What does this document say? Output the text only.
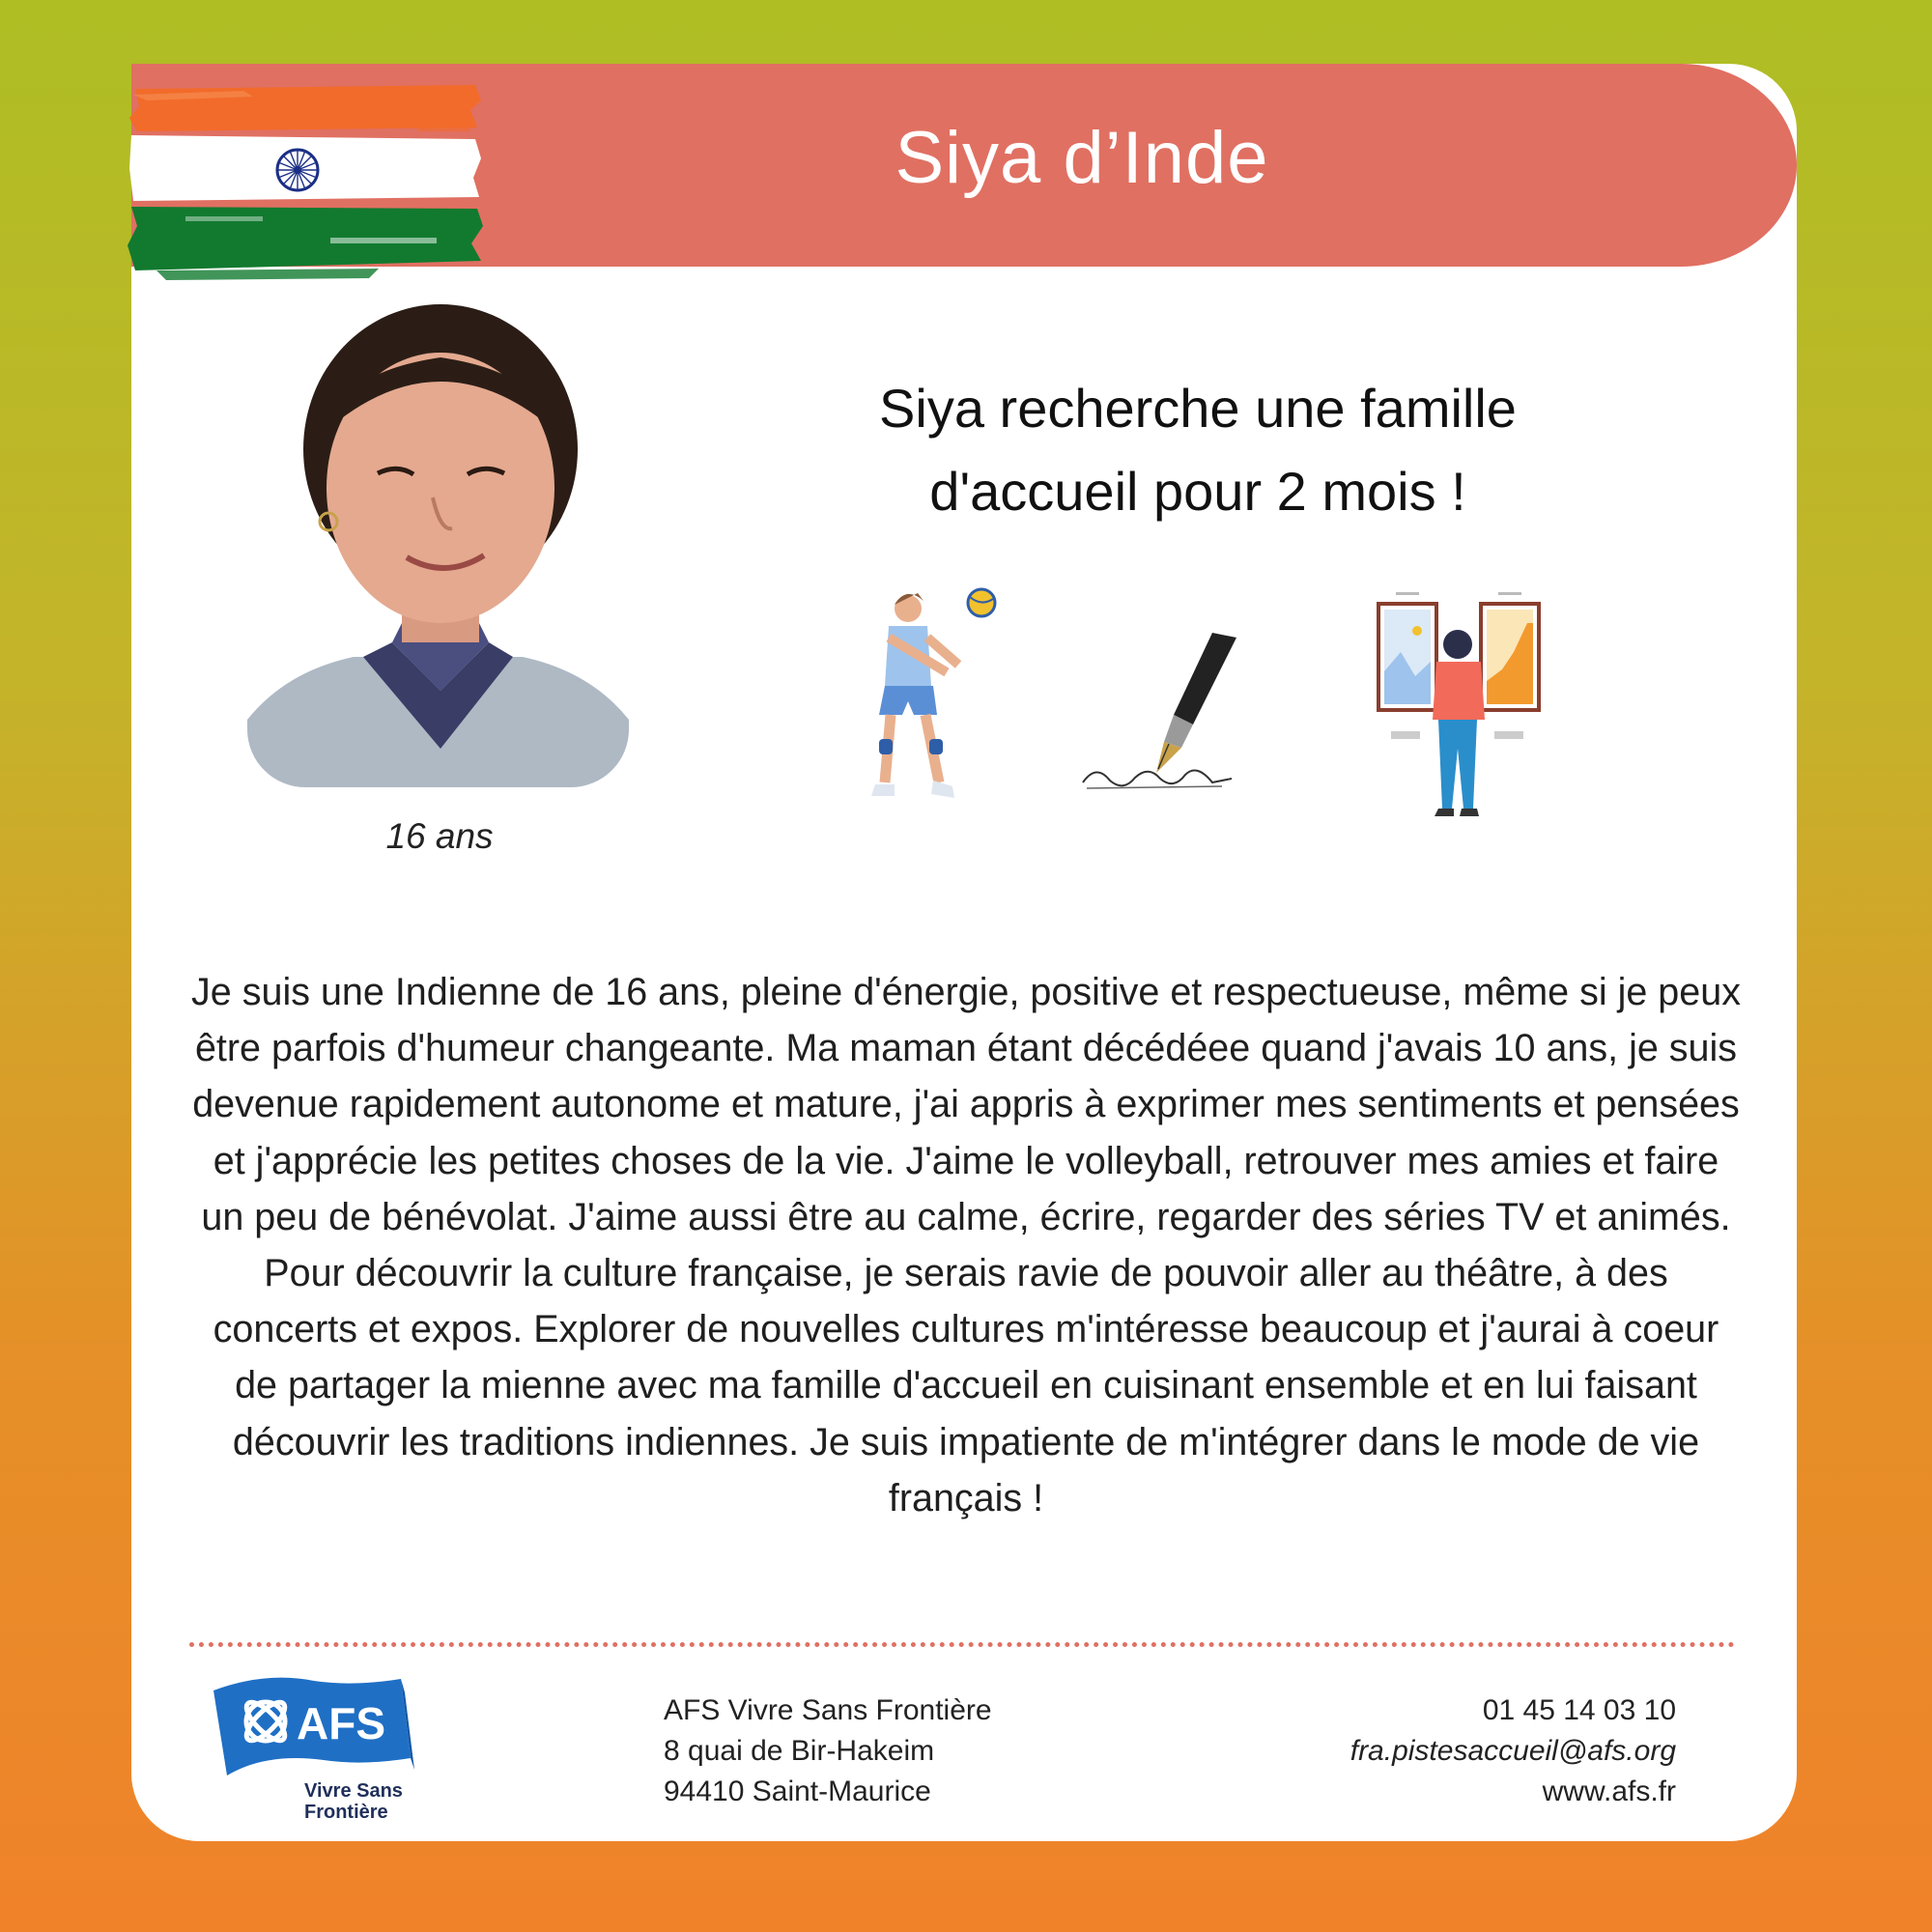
Siya d’Inde
16 ans
Siya recherche une famille
d'accueil pour 2 mois !
Je suis une Indienne de 16 ans, pleine d'énergie, positive et respectueuse, même si je peux être parfois d'humeur changeante. Ma maman étant décédéee quand j'avais 10 ans, je suis devenue rapidement autonome et mature, j'ai appris à exprimer mes sentiments et pensées et j'apprécie les petites choses de la vie. J'aime le volleyball, retrouver mes amies et faire un peu de bénévolat. J'aime aussi être au calme, écrire, regarder des séries TV et animés. Pour découvrir la culture française, je serais ravie de pouvoir aller au théâtre, à des concerts et expos. Explorer de nouvelles cultures m'intéresse beaucoup et j'aurai à coeur de partager la mienne avec ma famille d'accueil en cuisinant ensemble et en lui faisant découvrir les traditions indiennes. Je suis impatiente de m'intégrer dans le mode de vie français !
AFS
Vivre Sans
Frontière
AFS Vivre Sans Frontière
8 quai de Bir-Hakeim
94410 Saint-Maurice
01 45 14 03 10
fra.pistesaccueil@afs.org
www.afs.fr
